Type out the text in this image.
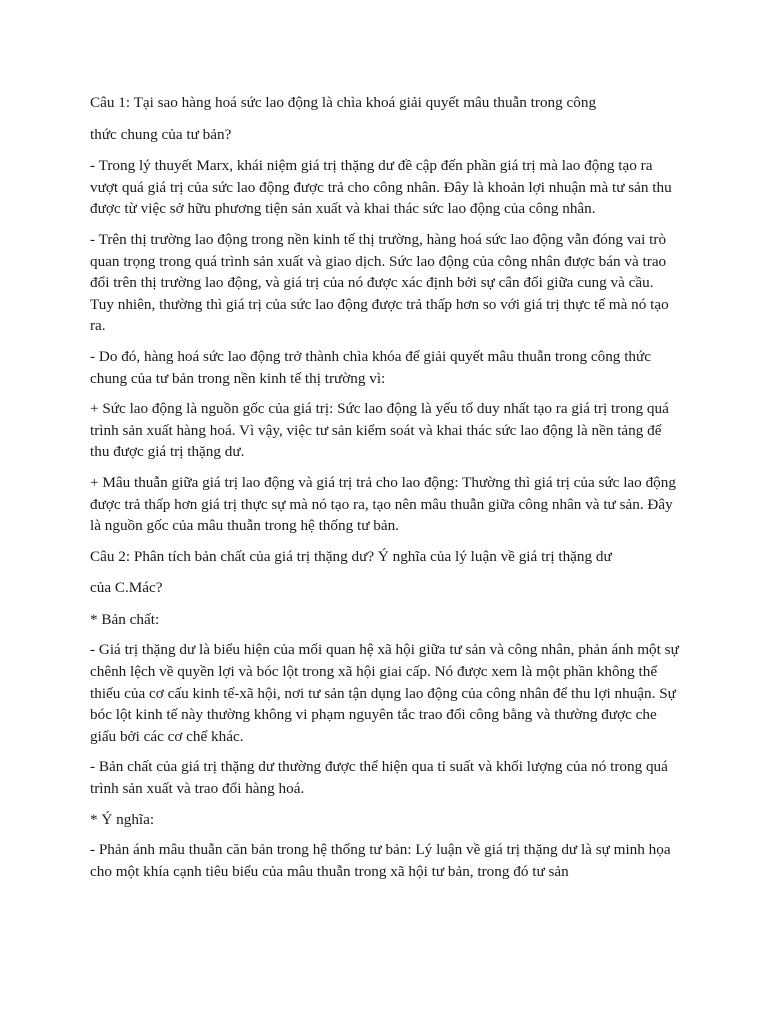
Câu 1: Tại sao hàng hoá sức lao động là chìa khoá giải quyết mâu thuẫn trong công

thức chung của tư bản?

- Trong lý thuyết Marx, khái niệm giá trị thặng dư đề cập đến phần giá trị mà lao động tạo ra vượt quá giá trị của sức lao động được trả cho công nhân. Đây là khoản lợi nhuận mà tư sản thu được từ việc sở hữu phương tiện sản xuất và khai thác sức lao động của công nhân.

- Trên thị trường lao động trong nền kinh tế thị trường, hàng hoá sức lao động vẫn đóng vai trò quan trọng trong quá trình sản xuất và giao dịch. Sức lao động của công nhân được bán và trao đổi trên thị trường lao động, và giá trị của nó được xác định bởi sự cân đối giữa cung và cầu. Tuy nhiên, thường thì giá trị của sức lao động được trả thấp hơn so với giá trị thực tế mà nó tạo ra.

- Do đó, hàng hoá sức lao động trở thành chìa khóa để giải quyết mâu thuẫn trong công thức chung của tư bản trong nền kinh tế thị trường vì:

+ Sức lao động là nguồn gốc của giá trị: Sức lao động là yếu tố duy nhất tạo ra giá trị trong quá trình sản xuất hàng hoá. Vì vậy, việc tư sản kiểm soát và khai thác sức lao động là nền tảng để thu được giá trị thặng dư.

+ Mâu thuẫn giữa giá trị lao động và giá trị trả cho lao động: Thường thì giá trị của sức lao động được trả thấp hơn giá trị thực sự mà nó tạo ra, tạo nên mâu thuẫn giữa công nhân và tư sản. Đây là nguồn gốc của mâu thuẫn trong hệ thống tư bản.

Câu 2: Phân tích bản chất của giá trị thặng dư? Ý nghĩa của lý luận về giá trị thặng dư

của C.Mác?

* Bản chất:

- Giá trị thặng dư là biểu hiện của mối quan hệ xã hội giữa tư sản và công nhân, phản ánh một sự chênh lệch về quyền lợi và bóc lột trong xã hội giai cấp. Nó được xem là một phần không thể thiếu của cơ cấu kinh tế-xã hội, nơi tư sản tận dụng lao động của công nhân để thu lợi nhuận. Sự bóc lột kinh tế này thường không vi phạm nguyên tắc trao đổi công bằng và thường được che giấu bởi các cơ chế khác.

- Bản chất của giá trị thặng dư thường được thể hiện qua tỉ suất và khối lượng của nó trong quá trình sản xuất và trao đổi hàng hoá.

* Ý nghĩa:

- Phản ánh mâu thuẫn căn bản trong hệ thống tư bản: Lý luận về giá trị thặng dư là sự minh họa cho một khía cạnh tiêu biểu của mâu thuẫn trong xã hội tư bản, trong đó tư sản
